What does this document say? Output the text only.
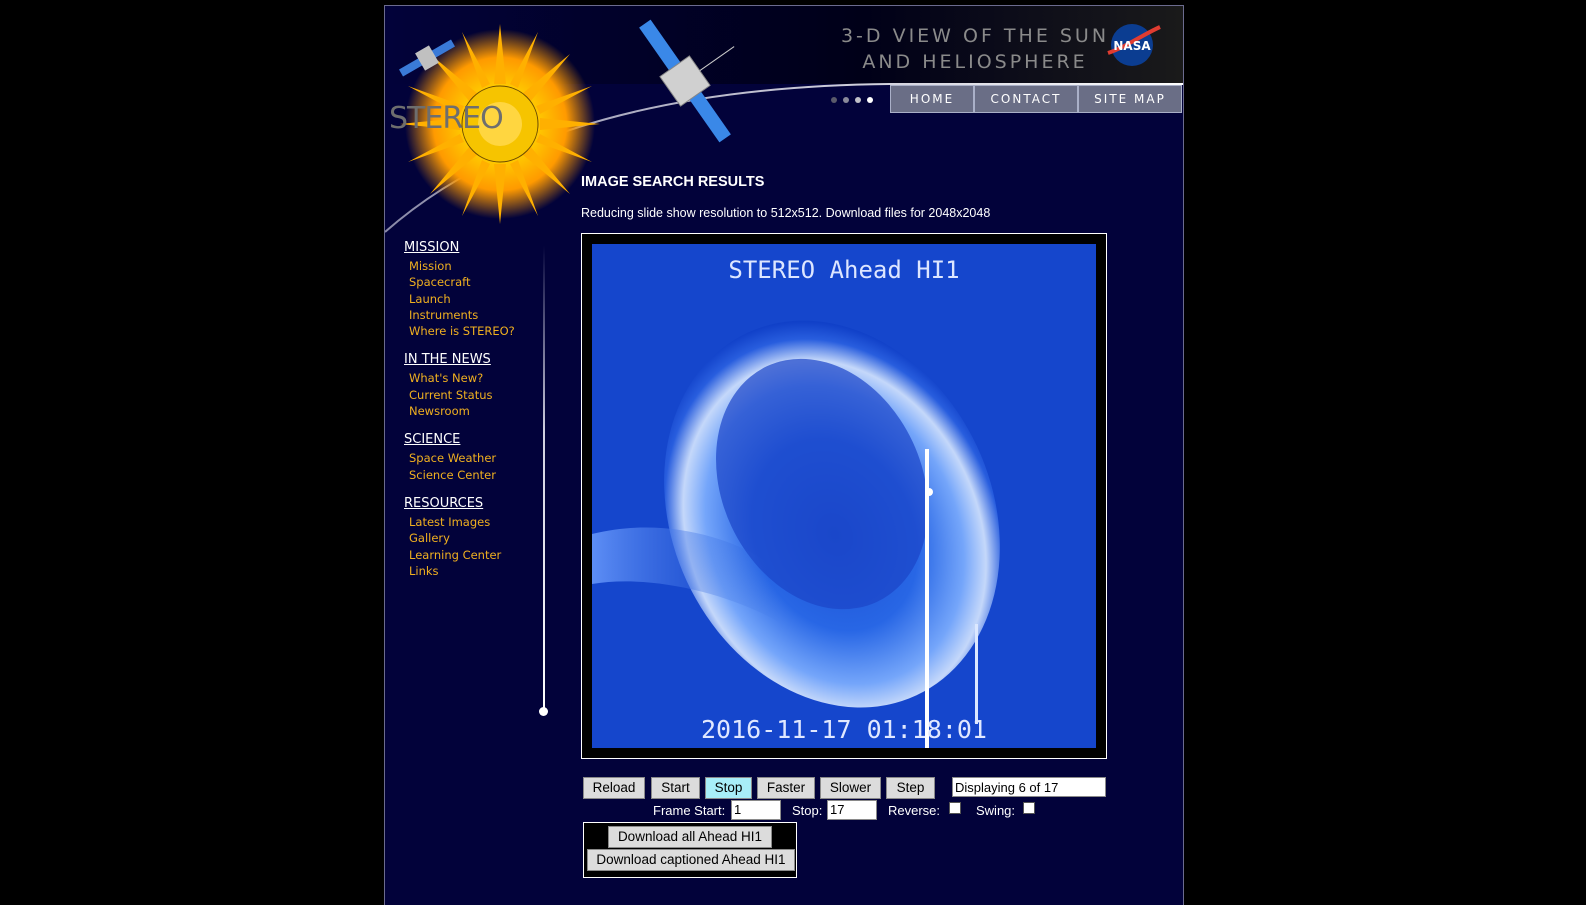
STEREO
3-D VIEW OF THE SUN
AND HELIOSPHERE
NASA
HOME	CONTACT	SITE MAP
MISSION
Mission
Spacecraft
Launch
Instruments
Where is STEREO?
IN THE NEWS
What's New?
Current Status
Newsroom
SCIENCE
Space Weather
Science Center
RESOURCES
Latest Images
Gallery
Learning Center
Links
IMAGE SEARCH RESULTS
Reducing slide show resolution to 512x512. Download files for 2048x2048
STEREO Ahead HI1
2016-11-17 01:18:01
Reload	Start	Stop	Faster	Slower	Step	Displaying 6 of 17
Frame Start: 1	Stop: 17	Reverse:	Swing:
Download all Ahead HI1
Download captioned Ahead HI1
